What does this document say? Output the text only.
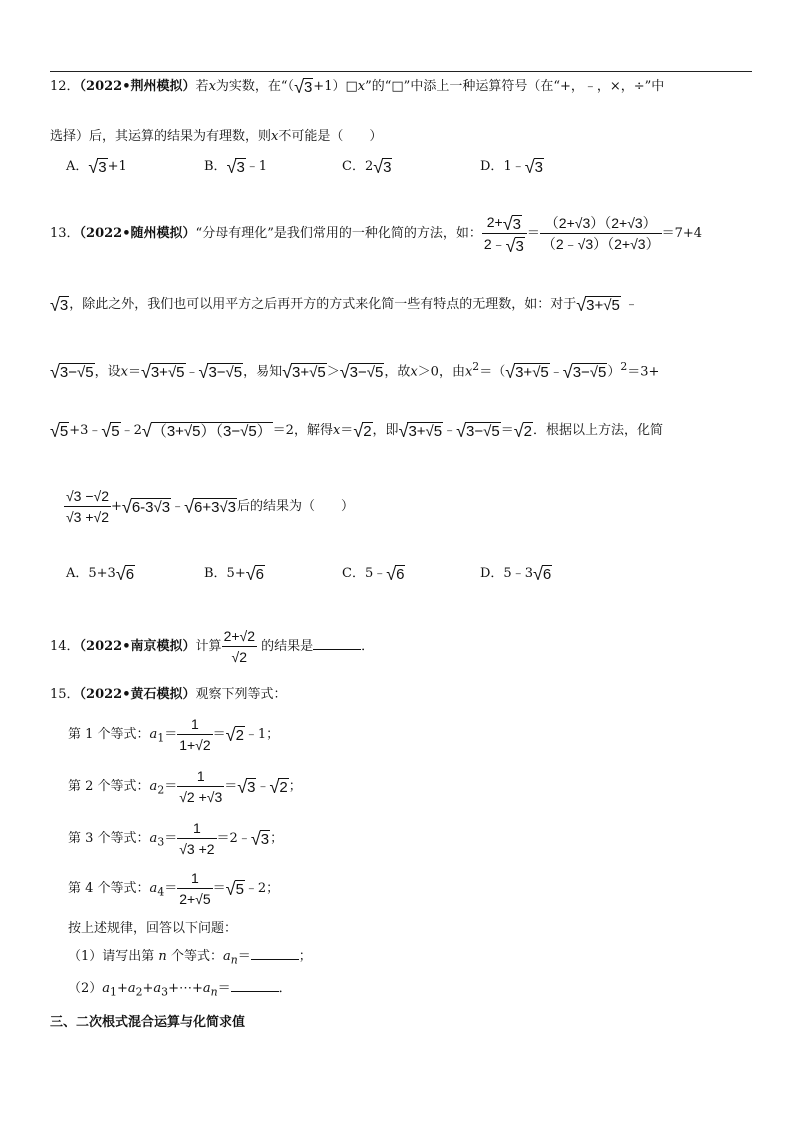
12．（2022•荆州模拟）若x为实数，在“（ √ 3 +1）□x”的“□”中添上一种运算符号（在“+，﹣，×，÷”中
选择）后，其运算的结果为有理数，则x不可能是（　　）
A． √ 3 +1	B． √ 3 ﹣1	C．2 √ 3	D．1﹣ √ 3
13．（2022•随州模拟）“分母有理化”是我们常用的一种化简的方法，如： $\frac{2+ √ 3}{2﹣ √ 3} = \frac{(2+√3)(2+√3)}{(2﹣√3)(2+√3)} =7+4$
√ 3 ，除此之外，我们也可以用平方之后再开方的方式来化简一些有特点的无理数，如：对于 √ 3+√5 ﹣
√ 3−√5 ，设x＝ √ 3+√5 ﹣ √ 3−√5 ，易知 √ 3+√5 ＞ √ 3−√5 ，故x＞0，由$x^2=$（ √ 3+√5 ﹣ √ 3−√5 ）$^2$＝3+
√ 5 +3﹣ √ 5 ﹣2 √ （3+√5）（3−√5） ＝2，解得x＝ √ 2 ，即 √ 3+√5 ﹣ √ 3−√5 ＝ √ 2 ．根据以上方法，化简
$\frac{√3 -√2}{√3 +√2}$ + √ 6-3√3 ﹣ √ 6+3√3 后的结果为（　　）
A．5+3 √ 6	B．5+ √ 6	C．5﹣ √ 6	D．5﹣3 √ 6
14．（2022•南京模拟）计算 $\frac{2+√2}{√2}$ 的结果是	．
15．（2022•黄石模拟）观察下列等式：
第 1 个等式：$a_1= \frac{1}{1+√2}$ ＝ √ 2 ﹣1；
第 2 个等式：$a_2= \frac{1}{√2 +√3}$ ＝ √ 3 ﹣ √ 2 ；
第 3 个等式：$a_3= \frac{1}{√3 +2}$ ＝2﹣ √ 3 ；
第 4 个等式：$a_4= \frac{1}{2+√5}$ ＝ √ 5 ﹣2；
按上述规律，回答以下问题：
（1）请写出第 n 个等式：$a_n=$	；
$(2)a_1+a_2+a_3+\cdots+a_n=$	．
三、二次根式混合运算与化简求值
